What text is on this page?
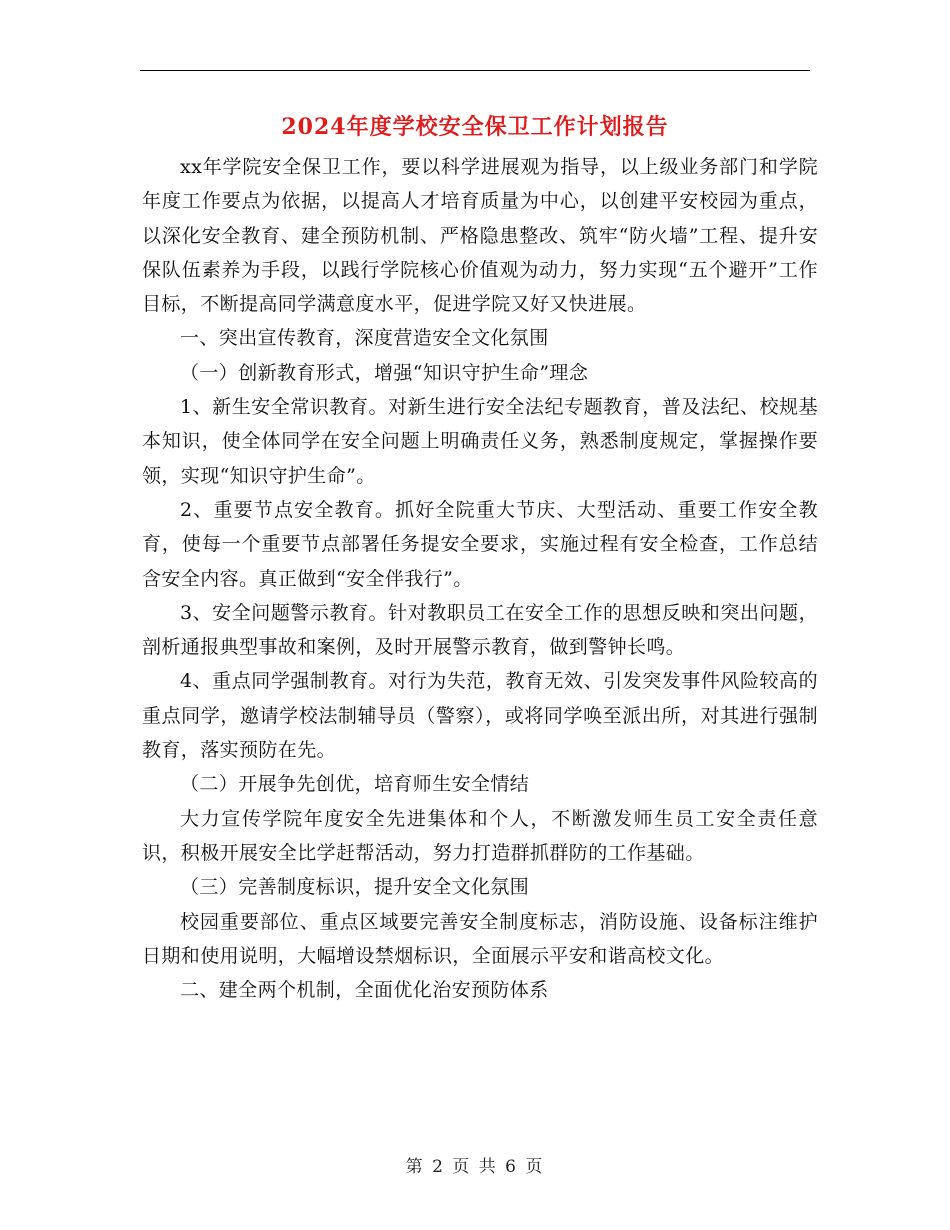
2024年度学校安全保卫工作计划报告

xx年学院安全保卫工作，要以科学进展观为指导，以上级业务部门和学院年度工作要点为依据，以提高人才培育质量为中心，以创建平安校园为重点，以深化安全教育、建全预防机制、严格隐患整改、筑牢“防火墙”工程、提升安保队伍素养为手段，以践行学院核心价值观为动力，努力实现“五个避开”工作目标，不断提高同学满意度水平，促进学院又好又快进展。

一、突出宣传教育，深度营造安全文化氛围

（一）创新教育形式，增强“知识守护生命”理念

1、新生安全常识教育。对新生进行安全法纪专题教育，普及法纪、校规基本知识，使全体同学在安全问题上明确责任义务，熟悉制度规定，掌握操作要领，实现“知识守护生命”。

2、重要节点安全教育。抓好全院重大节庆、大型活动、重要工作安全教育，使每一个重要节点部署任务提安全要求，实施过程有安全检查，工作总结含安全内容。真正做到“安全伴我行”。

3、安全问题警示教育。针对教职员工在安全工作的思想反映和突出问题，剖析通报典型事故和案例，及时开展警示教育，做到警钟长鸣。

4、重点同学强制教育。对行为失范，教育无效、引发突发事件风险较高的重点同学，邀请学校法制辅导员（警察），或将同学唤至派出所，对其进行强制教育，落实预防在先。

（二）开展争先创优，培育师生安全情结

大力宣传学院年度安全先进集体和个人，不断激发师生员工安全责任意识，积极开展安全比学赶帮活动，努力打造群抓群防的工作基础。

（三）完善制度标识，提升安全文化氛围

校园重要部位、重点区域要完善安全制度标志，消防设施、设备标注维护日期和使用说明，大幅增设禁烟标识，全面展示平安和谐高校文化。

二、建全两个机制，全面优化治安预防体系

第 2 页 共 6 页
